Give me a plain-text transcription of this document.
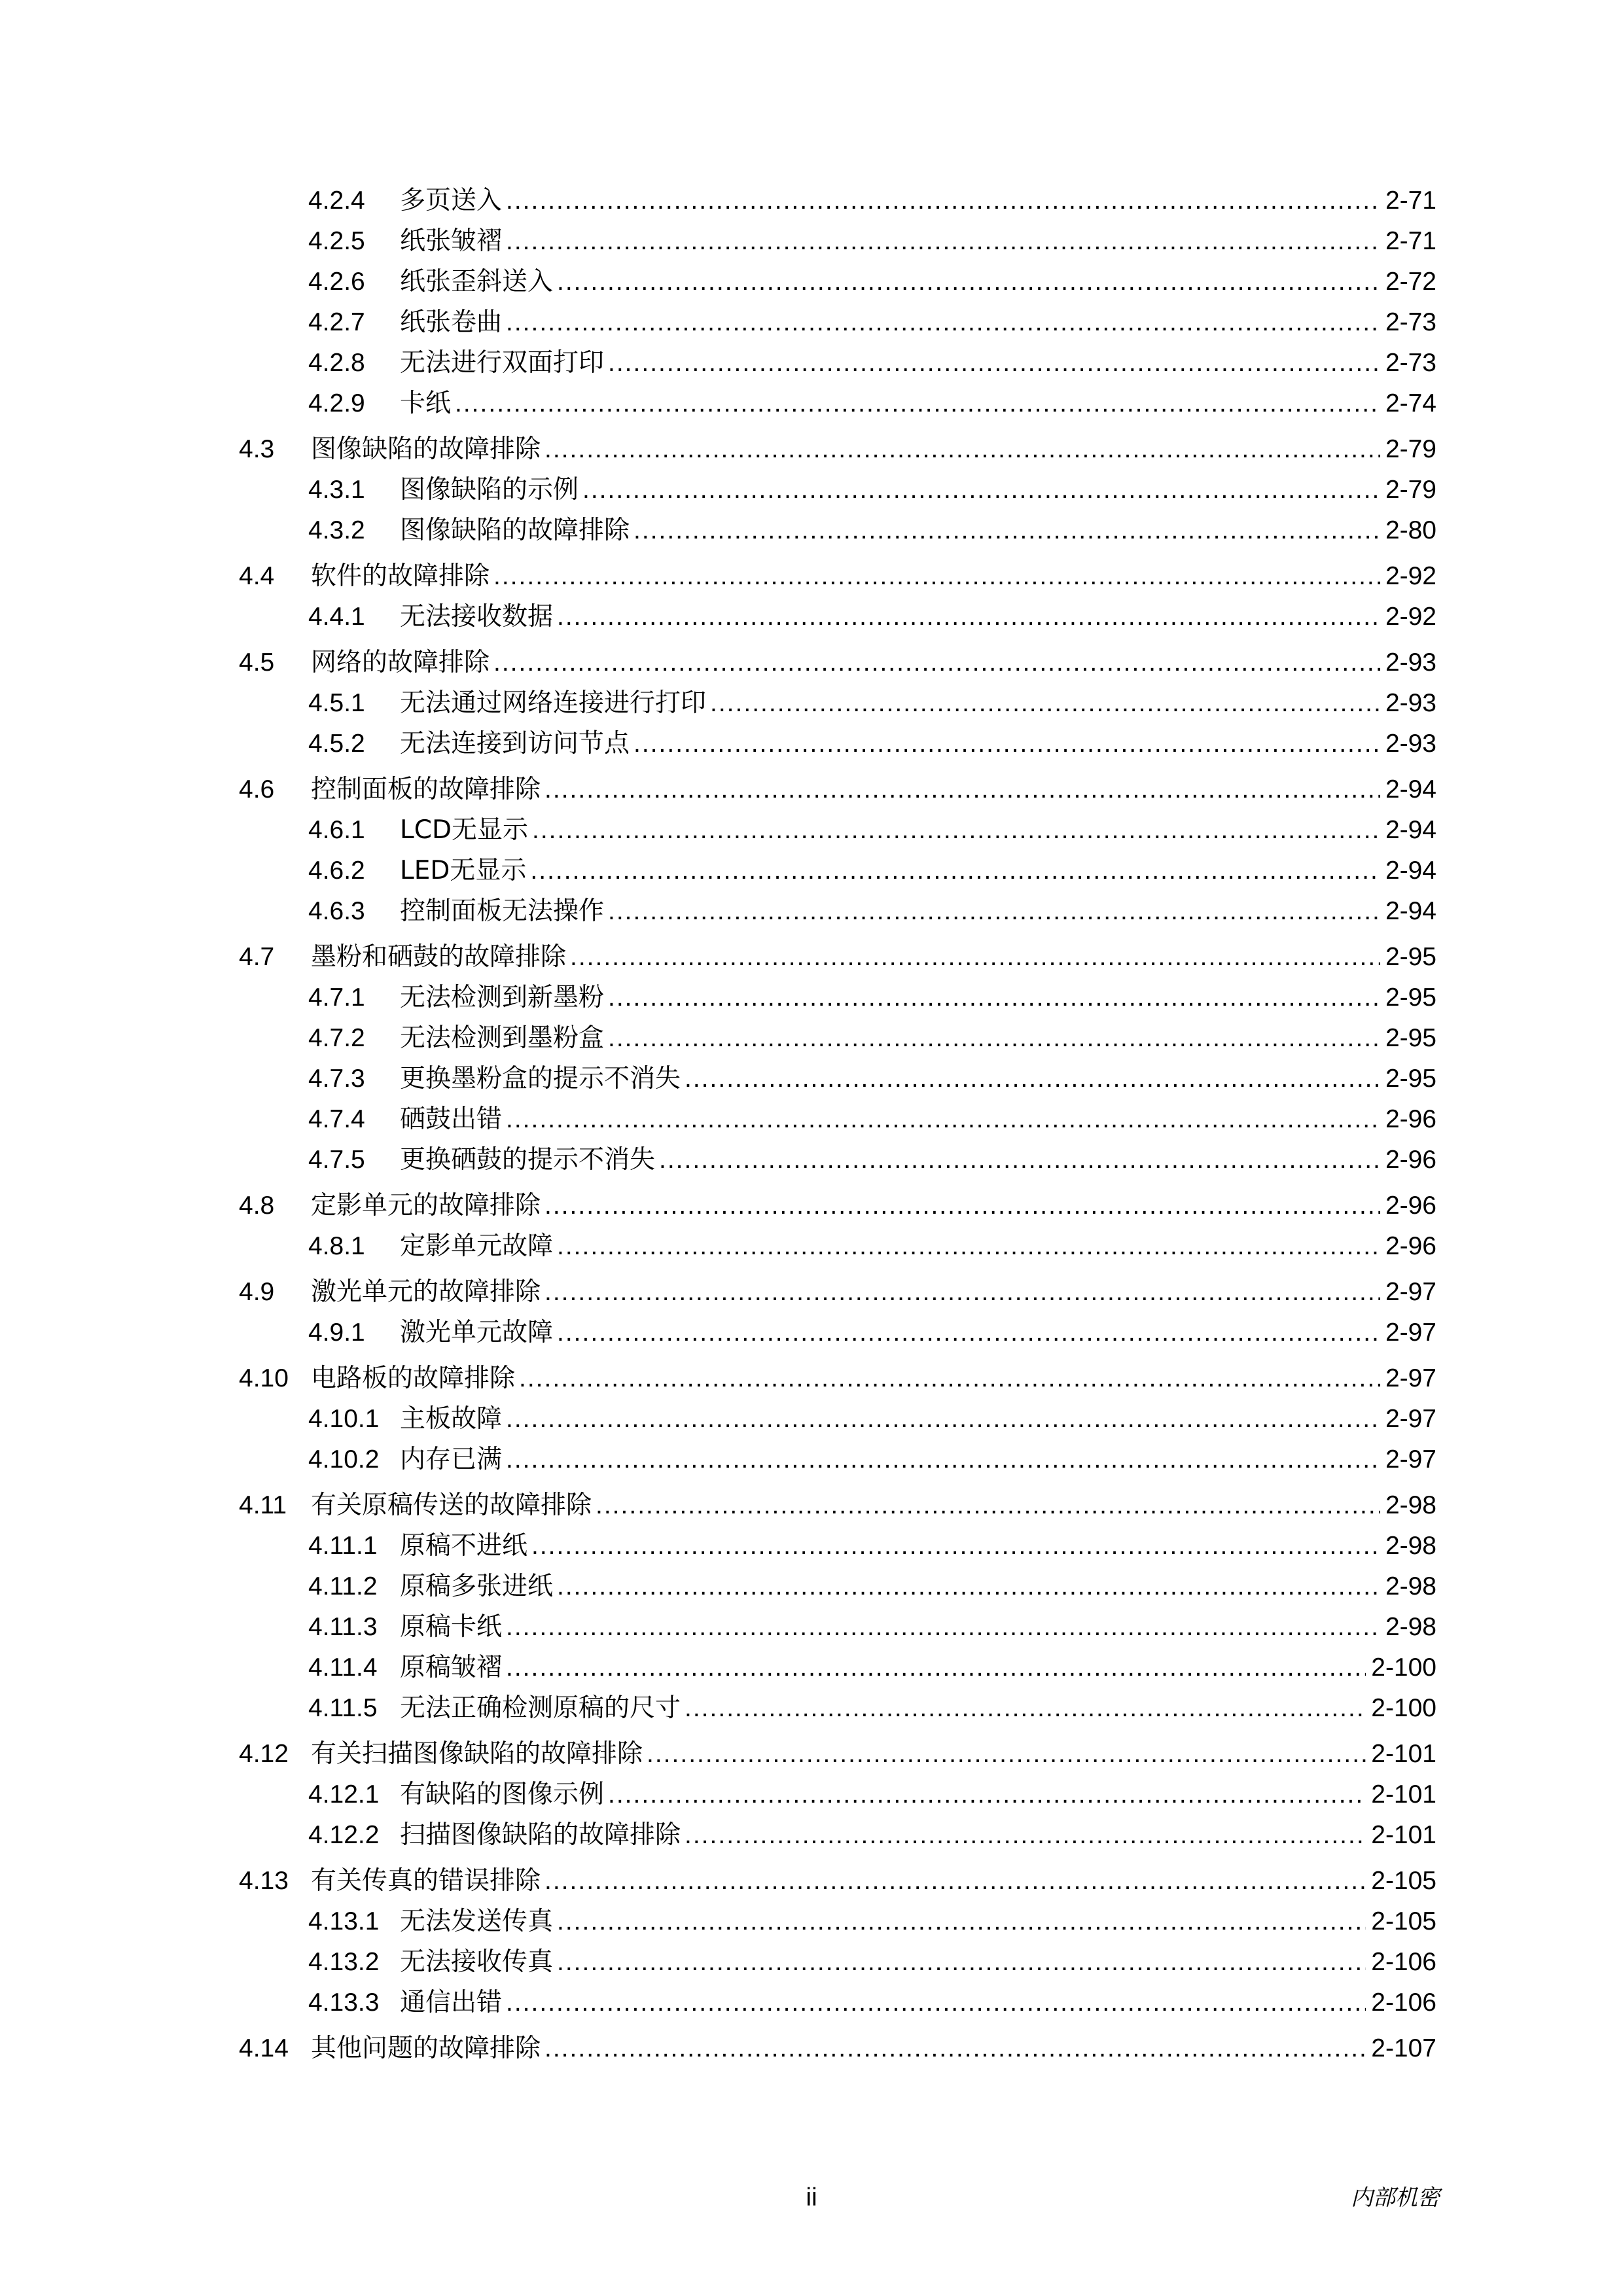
4.2.4	多页送入 .....	2-71
4.2.5	纸张皱褶 .....	2-71
4.2.6	纸张歪斜送入 .....	2-72
4.2.7	纸张卷曲 .....	2-73
4.2.8	无法进行双面打印 .....	2-73
4.2.9	卡纸 .....	2-74
4.3	图像缺陷的故障排除 .....	2-79
4.3.1	图像缺陷的示例 .....	2-79
4.3.2	图像缺陷的故障排除 .....	2-80
4.4	软件的故障排除 .....	2-92
4.4.1	无法接收数据 .....	2-92
4.5	网络的故障排除 .....	2-93
4.5.1	无法通过网络连接进行打印 .....	2-93
4.5.2	无法连接到访问节点 .....	2-93
4.6	控制面板的故障排除 .....	2-94
4.6.1	LCD无显示 .....	2-94
4.6.2	LED无显示 .....	2-94
4.6.3	控制面板无法操作 .....	2-94
4.7	墨粉和硒鼓的故障排除 .....	2-95
4.7.1	无法检测到新墨粉 .....	2-95
4.7.2	无法检测到墨粉盒 .....	2-95
4.7.3	更换墨粉盒的提示不消失 .....	2-95
4.7.4	硒鼓出错 .....	2-96
4.7.5	更换硒鼓的提示不消失 .....	2-96
4.8	定影单元的故障排除 .....	2-96
4.8.1	定影单元故障 .....	2-96
4.9	激光单元的故障排除 .....	2-97
4.9.1	激光单元故障 .....	2-97
4.10 电路板的故障排除 .....	2-97
4.10.1 主板故障 .....	2-97
4.10.2 内存已满 .....	2-97
4.11 有关原稿传送的故障排除 .....	2-98
4.11.1 原稿不进纸 .....	2-98
4.11.2 原稿多张进纸 .....	2-98
4.11.3 原稿卡纸 .....	2-98
4.11.4 原稿皱褶 .....	2-100
4.11.5 无法正确检测原稿的尺寸 .....	2-100
4.12 有关扫描图像缺陷的故障排除 .....	2-101
4.12.1 有缺陷的图像示例 .....	2-101
4.12.2 扫描图像缺陷的故障排除 .....	2-101
4.13 有关传真的错误排除 .....	2-105
4.13.1 无法发送传真 .....	2-105
4.13.2 无法接收传真 .....	2-106
4.13.3 通信出错 .....	2-106
4.14 其他问题的故障排除 .....	2-107
ii	内部机密
